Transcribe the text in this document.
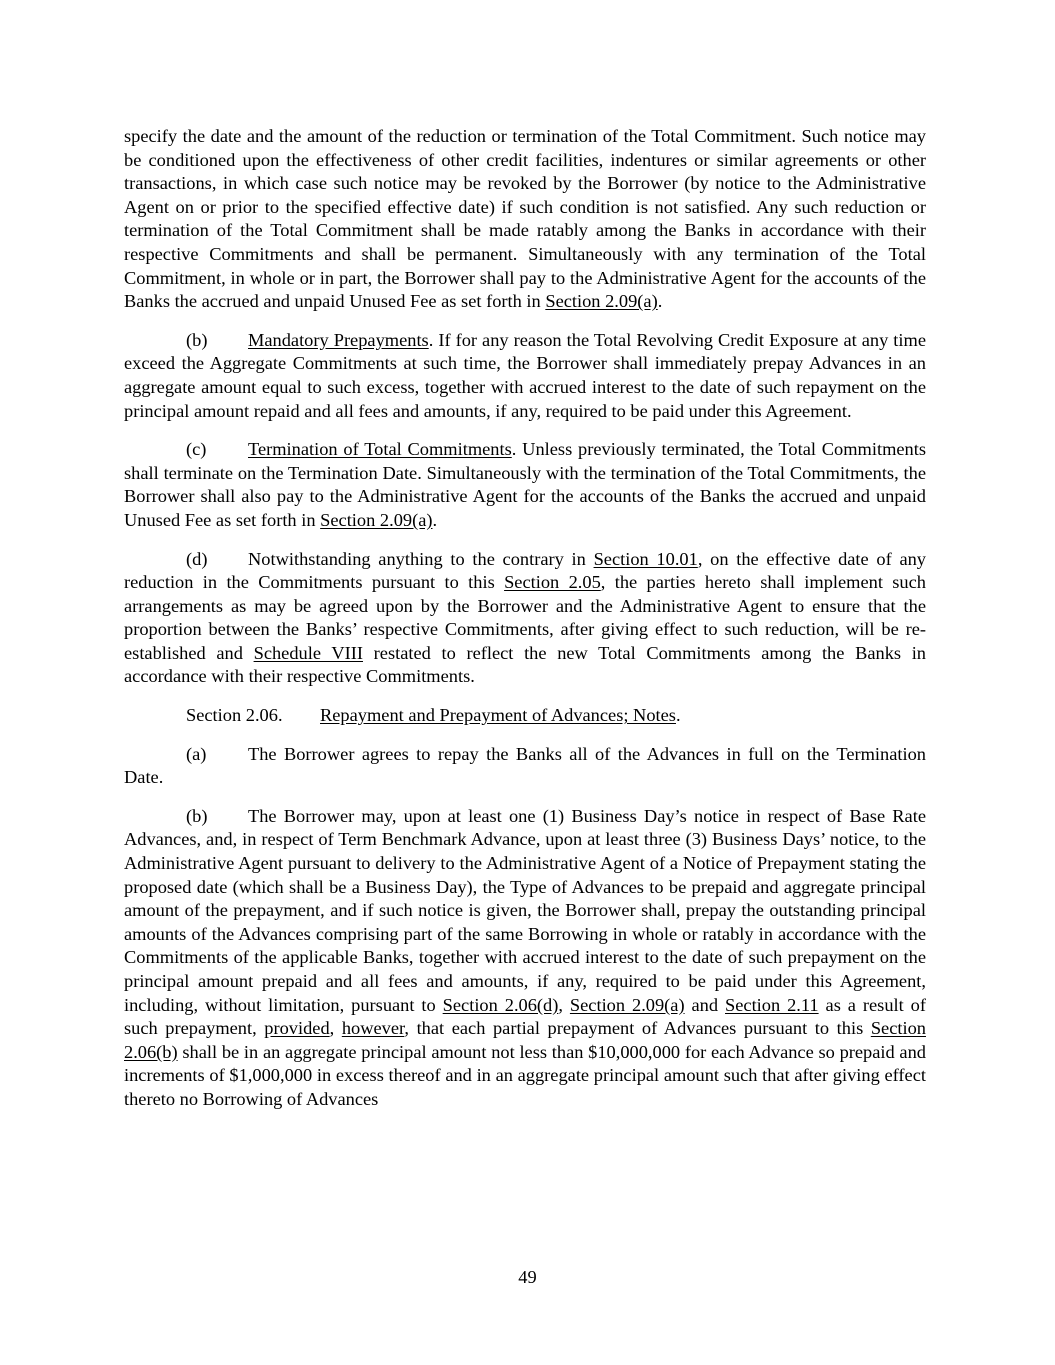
specify the date and the amount of the reduction or termination of the Total Commitment. Such notice may be conditioned upon the effectiveness of other credit facilities, indentures or similar agreements or other transactions, in which case such notice may be revoked by the Borrower (by notice to the Administrative Agent on or prior to the specified effective date) if such condition is not satisfied. Any such reduction or termination of the Total Commitment shall be made ratably among the Banks in accordance with their respective Commitments and shall be permanent. Simultaneously with any termination of the Total Commitment, in whole or in part, the Borrower shall pay to the Administrative Agent for the accounts of the Banks the accrued and unpaid Unused Fee as set forth in Section 2.09(a).

(b) Mandatory Prepayments. If for any reason the Total Revolving Credit Exposure at any time exceed the Aggregate Commitments at such time, the Borrower shall immediately prepay Advances in an aggregate amount equal to such excess, together with accrued interest to the date of such repayment on the principal amount repaid and all fees and amounts, if any, required to be paid under this Agreement.

(c) Termination of Total Commitments. Unless previously terminated, the Total Commitments shall terminate on the Termination Date. Simultaneously with the termination of the Total Commitments, the Borrower shall also pay to the Administrative Agent for the accounts of the Banks the accrued and unpaid Unused Fee as set forth in Section 2.09(a).

(d) Notwithstanding anything to the contrary in Section 10.01, on the effective date of any reduction in the Commitments pursuant to this Section 2.05, the parties hereto shall implement such arrangements as may be agreed upon by the Borrower and the Administrative Agent to ensure that the proportion between the Banks’ respective Commitments, after giving effect to such reduction, will be re-established and Schedule VIII restated to reflect the new Total Commitments among the Banks in accordance with their respective Commitments.

Section 2.06. Repayment and Prepayment of Advances; Notes.

(a) The Borrower agrees to repay the Banks all of the Advances in full on the Termination Date.

(b) The Borrower may, upon at least one (1) Business Day’s notice in respect of Base Rate Advances, and, in respect of Term Benchmark Advance, upon at least three (3) Business Days’ notice, to the Administrative Agent pursuant to delivery to the Administrative Agent of a Notice of Prepayment stating the proposed date (which shall be a Business Day), the Type of Advances to be prepaid and aggregate principal amount of the prepayment, and if such notice is given, the Borrower shall, prepay the outstanding principal amounts of the Advances comprising part of the same Borrowing in whole or ratably in accordance with the Commitments of the applicable Banks, together with accrued interest to the date of such prepayment on the principal amount prepaid and all fees and amounts, if any, required to be paid under this Agreement, including, without limitation, pursuant to Section 2.06(d), Section 2.09(a) and Section 2.11 as a result of such prepayment, provided, however, that each partial prepayment of Advances pursuant to this Section 2.06(b) shall be in an aggregate principal amount not less than $10,000,000 for each Advance so prepaid and increments of $1,000,000 in excess thereof and in an aggregate principal amount such that after giving effect thereto no Borrowing of Advances

49
